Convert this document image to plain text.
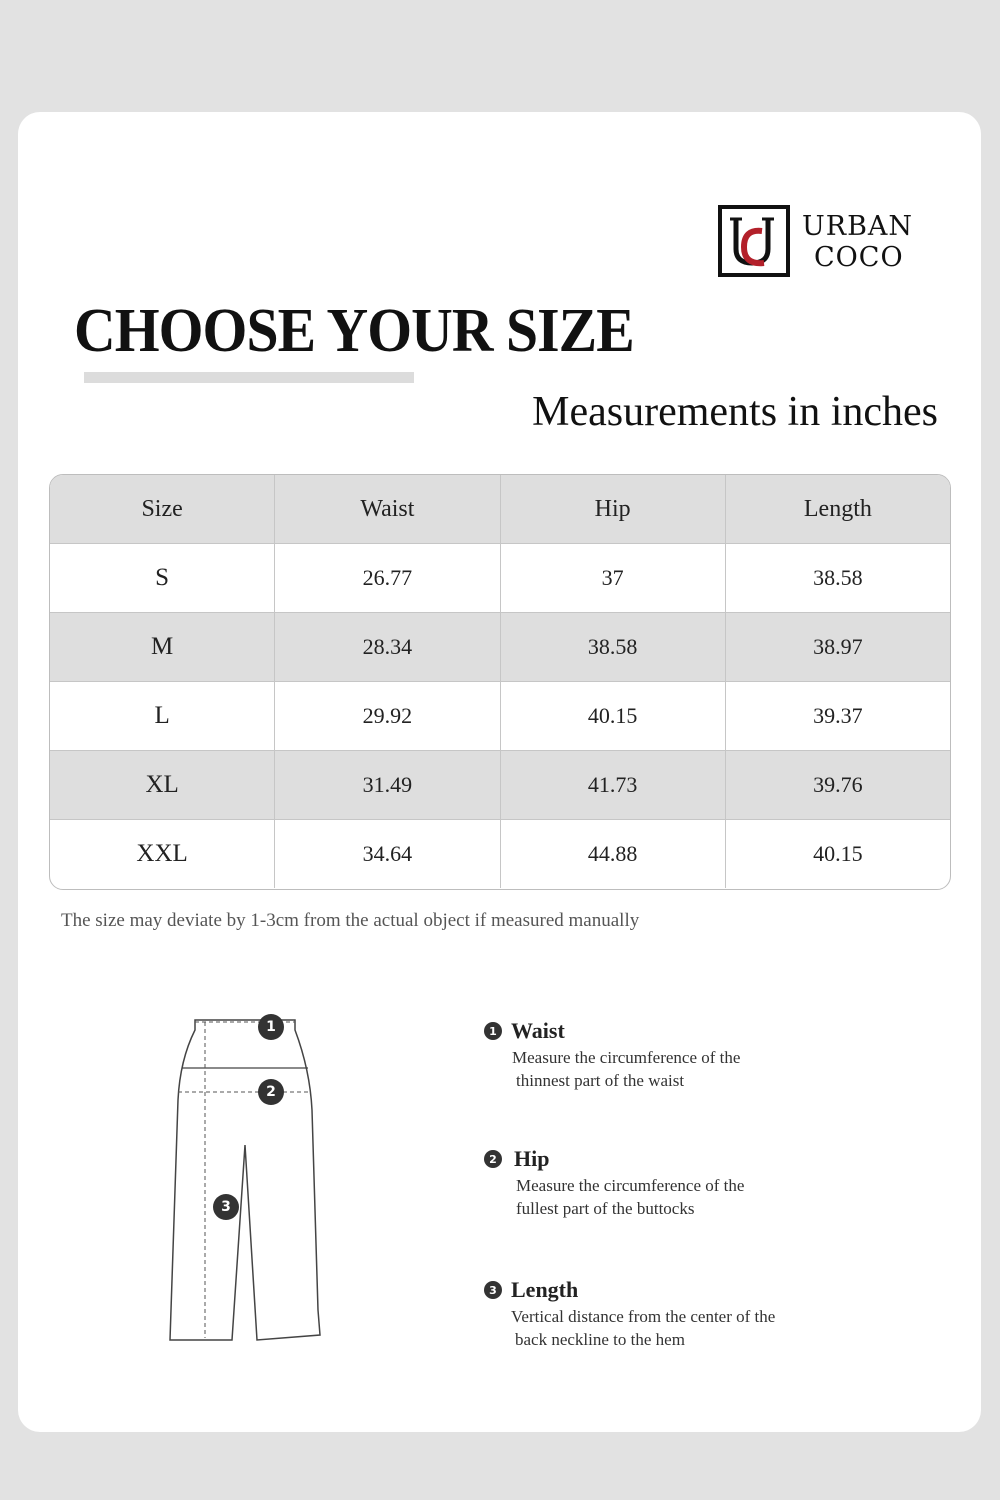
URBAN
COCO
CHOOSE YOUR SIZE
Measurements in inches
Size	Waist	Hip	Length
S	26.77	37	38.58
M	28.34	38.58	38.97
L	29.92	40.15	39.37
XL	31.49	41.73	39.76
XXL	34.64	44.88	40.15
The size may deviate by 1-3cm from the actual object if measured manually
1
2
3
1 Waist
Measure the circumference of the
thinnest part of the waist
2 Hip
Measure the circumference of the
fullest part of the buttocks
3 Length
Vertical distance from the center of the
back neckline to the hem
